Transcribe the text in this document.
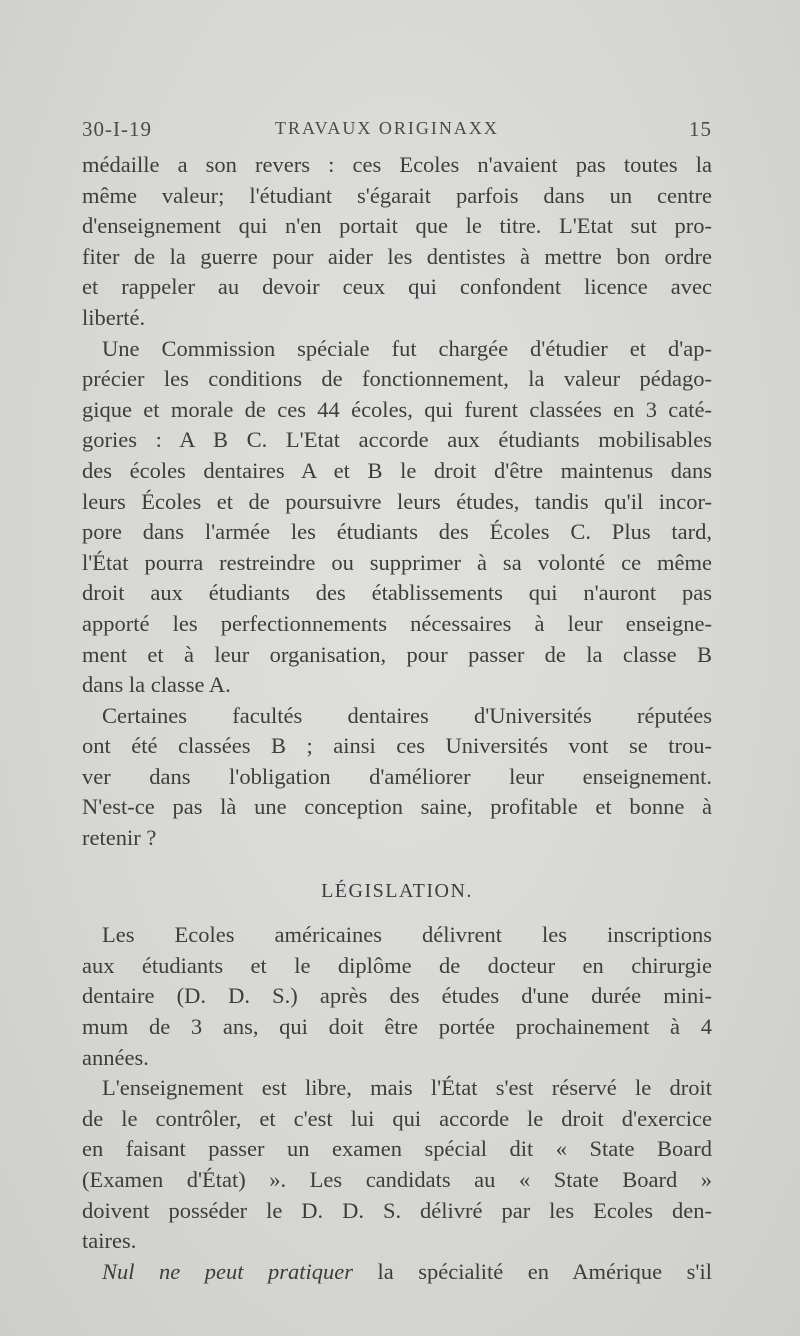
30-I-19	TRAVAUX ORIGINAXX	15
médaille a son revers : ces Ecoles n'avaient pas toutes la
même valeur; l'étudiant s'égarait parfois dans un centre
d'enseignement qui n'en portait que le titre. L'Etat sut pro-
fiter de la guerre pour aider les dentistes à mettre bon ordre
et rappeler au devoir ceux qui confondent licence avec
liberté.
Une Commission spéciale fut chargée d'étudier et d'ap-
précier les conditions de fonctionnement, la valeur pédago-
gique et morale de ces 44 écoles, qui furent classées en 3 caté-
gories : A B C. L'Etat accorde aux étudiants mobilisables
des écoles dentaires A et B le droit d'être maintenus dans
leurs Écoles et de poursuivre leurs études, tandis qu'il incor-
pore dans l'armée les étudiants des Écoles C. Plus tard,
l'État pourra restreindre ou supprimer à sa volonté ce même
droit aux étudiants des établissements qui n'auront pas
apporté les perfectionnements nécessaires à leur enseigne-
ment et à leur organisation, pour passer de la classe B
dans la classe A.
Certaines facultés dentaires d'Universités réputées
ont été classées B ; ainsi ces Universités vont se trou-
ver dans l'obligation d'améliorer leur enseignement.
N'est-ce pas là une conception saine, profitable et bonne à
retenir ?
LÉGISLATION.
Les Ecoles américaines délivrent les inscriptions
aux étudiants et le diplôme de docteur en chirurgie
dentaire (D. D. S.) après des études d'une durée mini-
mum de 3 ans, qui doit être portée prochainement à 4
années.
L'enseignement est libre, mais l'État s'est réservé le droit
de le contrôler, et c'est lui qui accorde le droit d'exercice
en faisant passer un examen spécial dit « State Board
(Examen d'État) ». Les candidats au « State Board »
doivent posséder le D. D. S. délivré par les Ecoles den-
taires.
Nul ne peut pratiquer la spécialité en Amérique s'il
